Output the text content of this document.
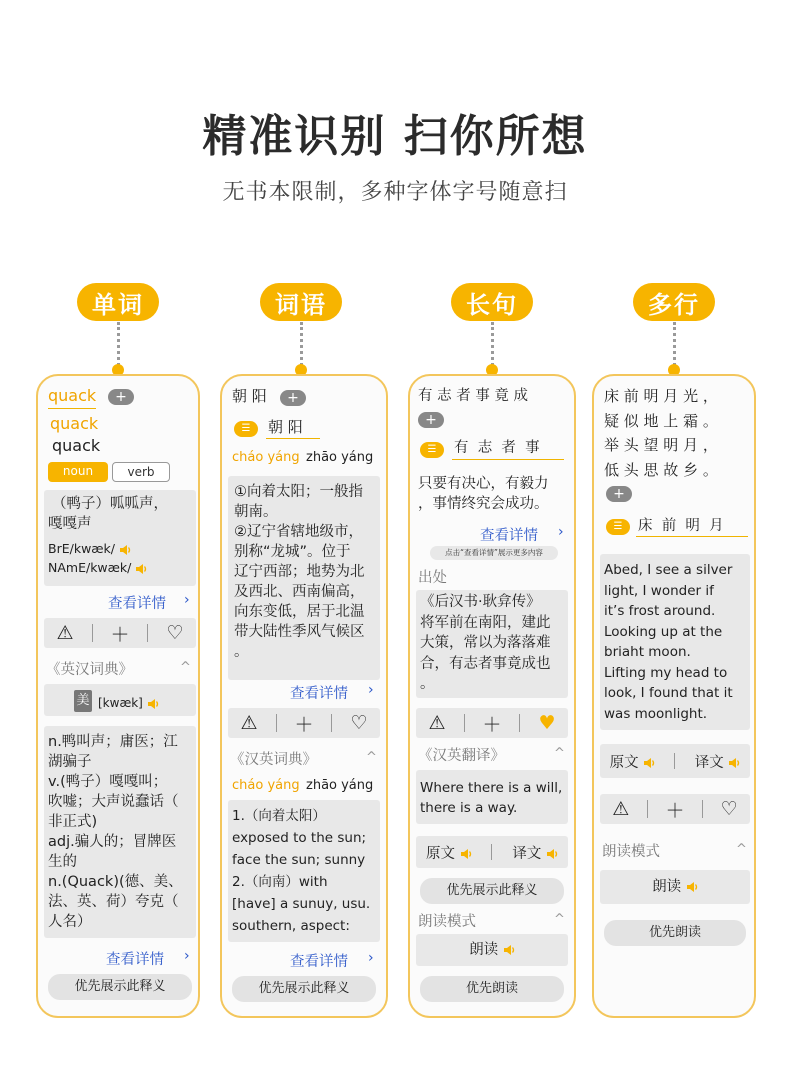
精准识别 扫你所想
无书本限制，多种字体字号随意扫
单词	词语	长句	多行
quack	+
quack
quack
noun	verb
（鸭子）呱呱声，
嘎嘎声
BrE/kwæk/
NAmE/kwæk/
查看详情 ›
⚠	＋	♡
《英汉词典》	^
美 [kwæk]
n.鸭叫声；庸医；江
湖骗子
v.(鸭子）嘎嘎叫；
吹嘘；大声说蠢话（
非正式)
adj.骗人的；冒牌医
生的
n.(Quack)(德、美、
法、英、荷）夸克（
人名）
查看详情 ›
优先展示此释义
朝 阳	+
☰	朝 阳
cháo yáng zhāo yáng
①向着太阳；一般指
朝南。
②辽宁省辖地级市，
别称“龙城”。位于
辽宁西部；地势为北
及西北、西南偏高，
向东变低，居于北温
带大陆性季风气候区
。
查看详情 ›
⚠	＋	♡
《汉英词典》	^
cháo yáng zhāo yáng
1.（向着太阳）
exposed to the sun;
face the sun; sunny
2.（向南）with
[have] a sunuy, usu.
southern, aspect:
查看详情 ›
优先展示此释义
有 志 者 事 竟 成
+
☰	有  志  者  事
只要有决心，有毅力
，事情终究会成功。
查看详情 ›
点击“查看详情”展示更多内容
出处
《后汉书·耿弇传》
将军前在南阳，建此
大策，常以为落落难
合，有志者事竟成也
。
⚠	＋	♥
《汉英翻译》	^
Where there is a will,
there is a way.
原文	译文
优先展示此释义
朗读模式	^
朗读
优先朗读
床 前 明 月 光 ，
疑 似 地 上 霜 。
举 头 望 明 月 ，
低 头 思 故 乡 。
+
☰	床  前  明  月
Abed, I see a silver
light, I wonder if
it’s frost around.
Looking up at the
briaht moon.
Lifting my head to
look, I found that it
was moonlight.
原文	译文
⚠	＋	♡
朗读模式	^
朗读
优先朗读
